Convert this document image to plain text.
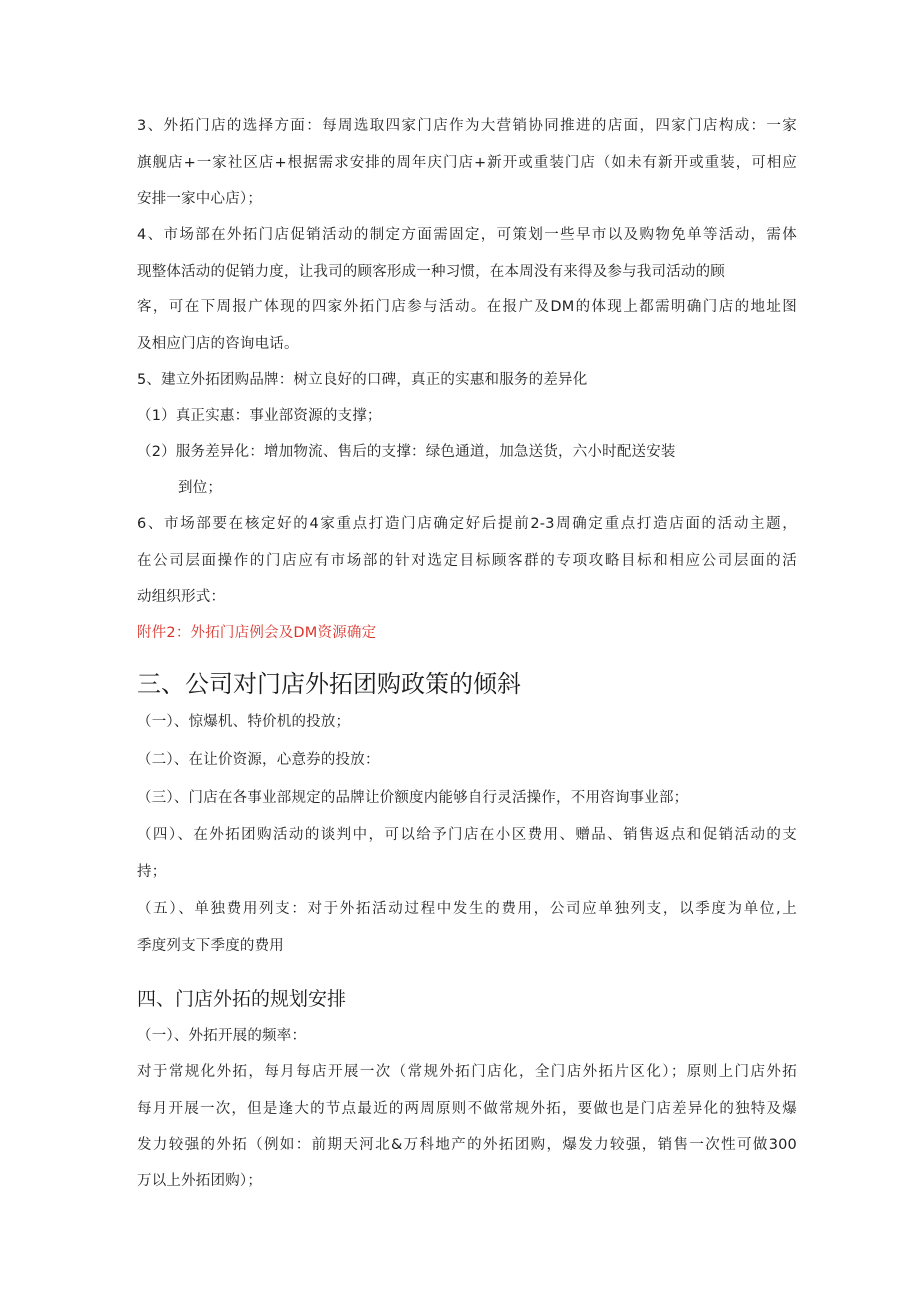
3、外拓门店的选择方面：每周选取四家门店作为大营销协同推进的店面，四家门店构成：一家
旗舰店+一家社区店+根据需求安排的周年庆门店+新开或重装门店（如未有新开或重装，可相应
安排一家中心店）；
4、市场部在外拓门店促销活动的制定方面需固定，可策划一些早市以及购物免单等活动，需体
现整体活动的促销力度，让我司的顾客形成一种习惯，在本周没有来得及参与我司活动的顾
客，可在下周报广体现的四家外拓门店参与活动。在报广及DM的体现上都需明确门店的地址图
及相应门店的咨询电话。
5、建立外拓团购品牌：树立良好的口碑，真正的实惠和服务的差异化
（1）真正实惠：事业部资源的支撑；
（2）服务差异化：增加物流、售后的支撑：绿色通道，加急送货，六小时配送安装
到位；
6、市场部要在核定好的4家重点打造门店确定好后提前2-3周确定重点打造店面的活动主题，
在公司层面操作的门店应有市场部的针对选定目标顾客群的专项攻略目标和相应公司层面的活
动组织形式：
附件2：外拓门店例会及DM资源确定
三、公司对门店外拓团购政策的倾斜
（一）、惊爆机、特价机的投放；
（二）、在让价资源，心意券的投放：
（三）、门店在各事业部规定的品牌让价额度内能够自行灵活操作，不用咨询事业部；
（四）、在外拓团购活动的谈判中，可以给予门店在小区费用、赠品、销售返点和促销活动的支
持；
（五）、单独费用列支：对于外拓活动过程中发生的费用，公司应单独列支，以季度为单位,上
季度列支下季度的费用
四、门店外拓的规划安排
（一）、外拓开展的频率：
对于常规化外拓，每月每店开展一次（常规外拓门店化，全门店外拓片区化）；原则上门店外拓
每月开展一次，但是逢大的节点最近的两周原则不做常规外拓，要做也是门店差异化的独特及爆
发力较强的外拓（例如：前期天河北&万科地产的外拓团购，爆发力较强，销售一次性可做300
万以上外拓团购）；
